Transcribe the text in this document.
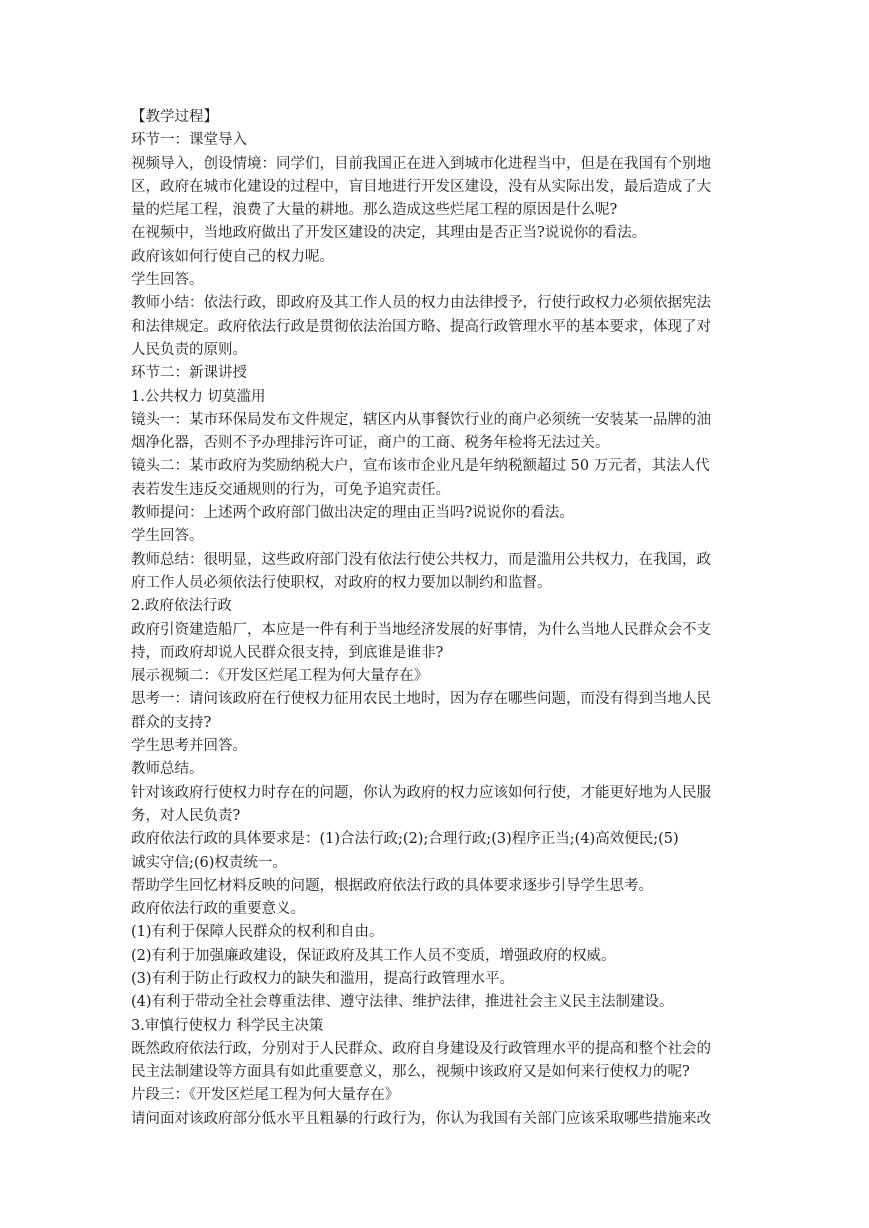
【教学过程】
环节一：课堂导入
视频导入，创设情境：同学们，目前我国正在进入到城市化进程当中，但是在我国有个别地
区，政府在城市化建设的过程中，盲目地进行开发区建设，没有从实际出发，最后造成了大
量的烂尾工程，浪费了大量的耕地。那么造成这些烂尾工程的原因是什么呢?
在视频中，当地政府做出了开发区建设的决定，其理由是否正当?说说你的看法。
政府该如何行使自己的权力呢。
学生回答。
教师小结：依法行政，即政府及其工作人员的权力由法律授予，行使行政权力必须依据宪法
和法律规定。政府依法行政是贯彻依法治国方略、提高行政管理水平的基本要求，体现了对
人民负责的原则。
环节二：新课讲授
1.公共权力 切莫滥用
镜头一：某市环保局发布文件规定，辖区内从事餐饮行业的商户必须统一安装某一品牌的油
烟净化器，否则不予办理排污许可证，商户的工商、税务年检将无法过关。
镜头二：某市政府为奖励纳税大户，宣布该市企业凡是年纳税额超过 50 万元者，其法人代
表若发生违反交通规则的行为，可免予追究责任。
教师提问：上述两个政府部门做出决定的理由正当吗?说说你的看法。
学生回答。
教师总结：很明显，这些政府部门没有依法行使公共权力，而是滥用公共权力，在我国，政
府工作人员必须依法行使职权，对政府的权力要加以制约和监督。
2.政府依法行政
政府引资建造船厂，本应是一件有利于当地经济发展的好事情，为什么当地人民群众会不支
持，而政府却说人民群众很支持，到底谁是谁非?
展示视频二：《开发区烂尾工程为何大量存在》
思考一：请问该政府在行使权力征用农民土地时，因为存在哪些问题，而没有得到当地人民
群众的支持?
学生思考并回答。
教师总结。
针对该政府行使权力时存在的问题，你认为政府的权力应该如何行使，才能更好地为人民服
务，对人民负责?
政府依法行政的具体要求是：(1)合法行政;(2);合理行政;(3)程序正当;(4)高效便民;(5)
诚实守信;(6)权责统一。
帮助学生回忆材料反映的问题，根据政府依法行政的具体要求逐步引导学生思考。
政府依法行政的重要意义。
(1)有利于保障人民群众的权利和自由。
(2)有利于加强廉政建设，保证政府及其工作人员不变质，增强政府的权威。
(3)有利于防止行政权力的缺失和滥用，提高行政管理水平。
(4)有利于带动全社会尊重法律、遵守法律、维护法律，推进社会主义民主法制建设。
3.审慎行使权力 科学民主决策
既然政府依法行政，分别对于人民群众、政府自身建设及行政管理水平的提高和整个社会的
民主法制建设等方面具有如此重要意义，那么，视频中该政府又是如何来行使权力的呢?
片段三：《开发区烂尾工程为何大量存在》
请问面对该政府部分低水平且粗暴的行政行为，你认为我国有关部门应该采取哪些措施来改
